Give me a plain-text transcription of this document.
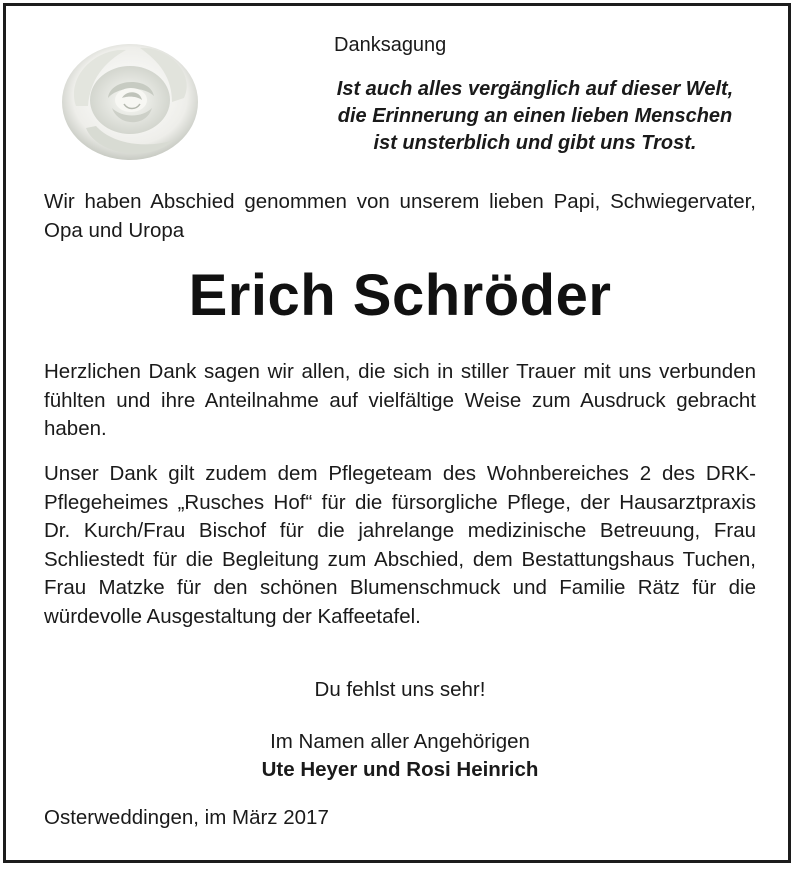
Danksagung
Ist auch alles vergänglich auf dieser Welt,
die Erinnerung an einen lieben Menschen
ist unsterblich und gibt uns Trost.
Wir haben Abschied genommen von unserem lieben Papi, Schwiegervater, Opa und Uropa
Erich Schröder
Herzlichen Dank sagen wir allen, die sich in stiller Trauer mit uns verbunden fühlten und ihre Anteilnahme auf vielfältige Weise zum Ausdruck gebracht haben.
Unser Dank gilt zudem dem Pflegeteam des Wohnbereiches 2 des DRK-Pflegeheimes „Rusches Hof“ für die fürsorgliche Pflege, der Hausarztpraxis Dr. Kurch/Frau Bischof für die jahrelange medizinische Betreuung, Frau Schliestedt für die Begleitung zum Abschied, dem Bestattungshaus Tuchen, Frau Matzke für den schönen Blumenschmuck und Familie Rätz für die würdevolle Ausgestaltung der Kaffeetafel.
Du fehlst uns sehr!
Im Namen aller Angehörigen
Ute Heyer und Rosi Heinrich
Osterweddingen, im März 2017
